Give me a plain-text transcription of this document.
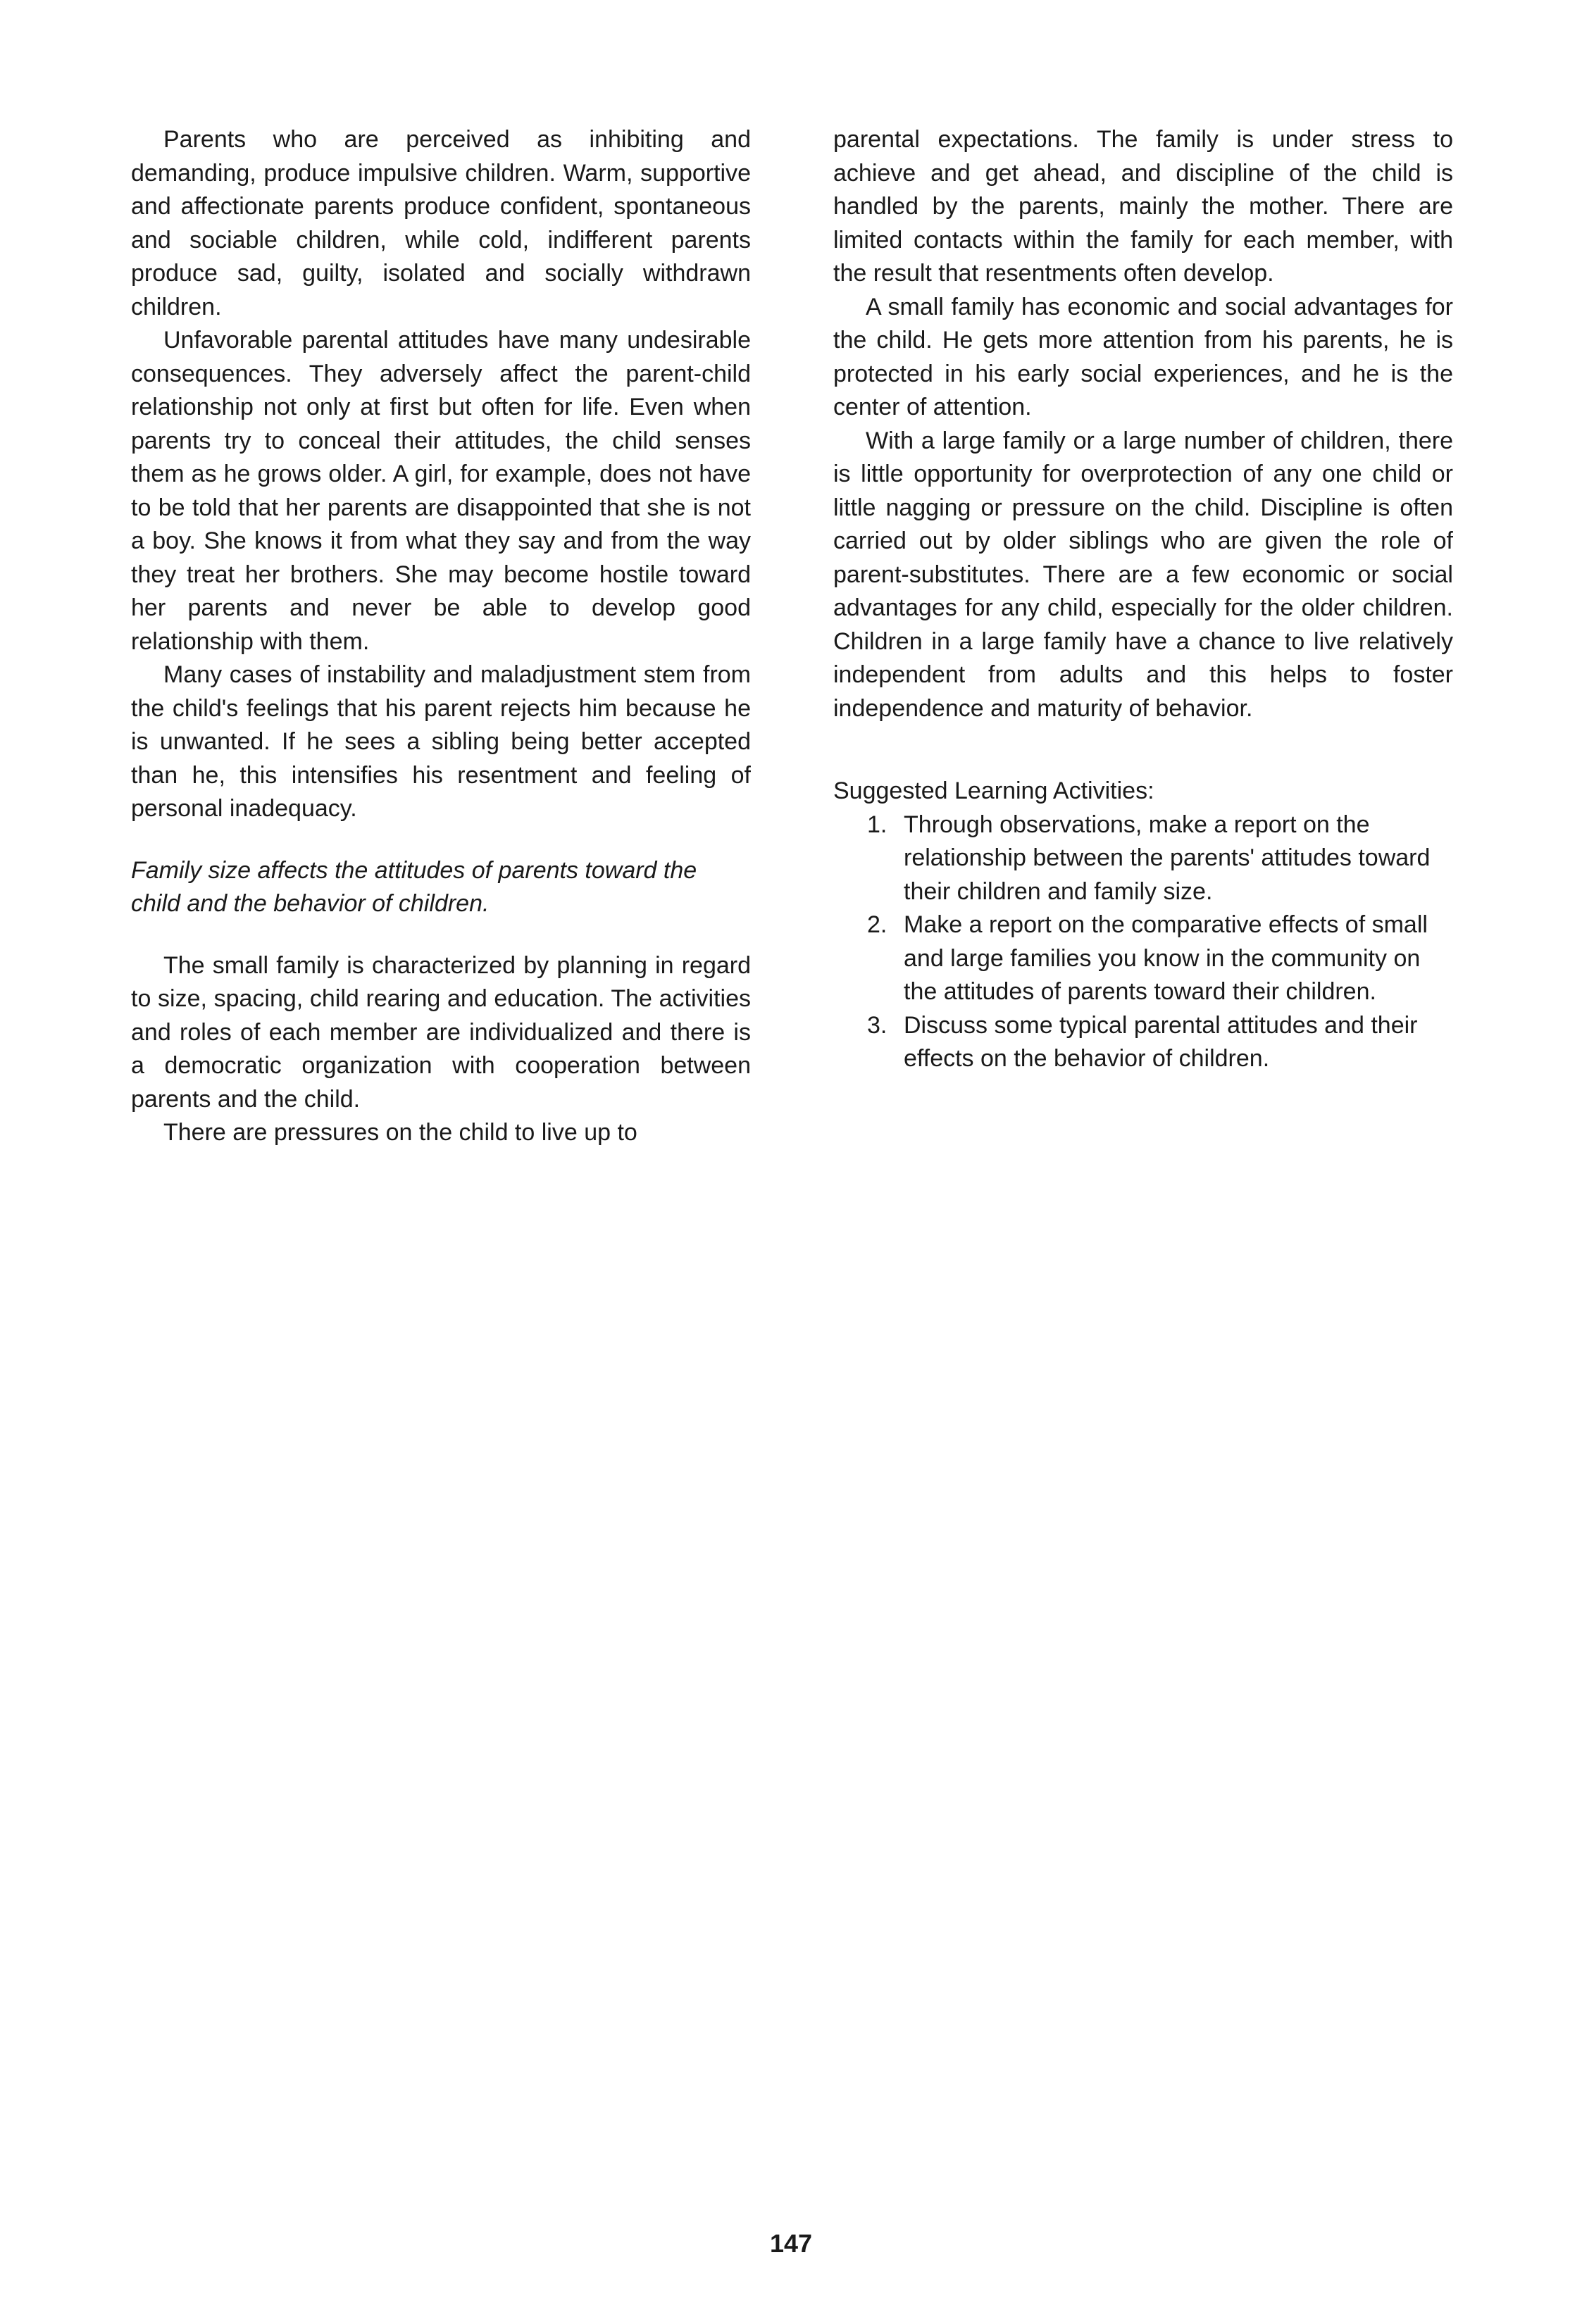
Parents who are perceived as inhibiting and demanding, produce impulsive children. Warm, supportive and affectionate parents produce confident, spontaneous and sociable children, while cold, indifferent parents produce sad, guilty, isolated and socially withdrawn children.

Unfavorable parental attitudes have many undesirable consequences. They adversely affect the parent-child relationship not only at first but often for life. Even when parents try to conceal their attitudes, the child senses them as he grows older. A girl, for example, does not have to be told that her parents are disappointed that she is not a boy. She knows it from what they say and from the way they treat her brothers. She may become hostile toward her parents and never be able to develop good relationship with them.

Many cases of instability and maladjustment stem from the child's feelings that his parent rejects him because he is unwanted. If he sees a sibling being better accepted than he, this intensifies his resentment and feeling of personal inadequacy.

Family size affects the attitudes of parents toward the child and the behavior of children.

The small family is characterized by planning in regard to size, spacing, child rearing and education. The activities and roles of each member are individualized and there is a democratic organization with cooperation between parents and the child.

There are pressures on the child to live up to

parental expectations. The family is under stress to achieve and get ahead, and discipline of the child is handled by the parents, mainly the mother. There are limited contacts within the family for each member, with the result that resentments often develop.

A small family has economic and social advantages for the child. He gets more attention from his parents, he is protected in his early social experiences, and he is the center of attention.

With a large family or a large number of children, there is little opportunity for overprotection of any one child or little nagging or pressure on the child. Discipline is often carried out by older siblings who are given the role of parent-substitutes. There are a few economic or social advantages for any child, especially for the older children. Children in a large family have a chance to live relatively independent from adults and this helps to foster independence and maturity of behavior.

Suggested Learning Activities:

1. Through observations, make a report on the relationship between the parents' attitudes toward their children and family size.
2. Make a report on the comparative effects of small and large families you know in the community on the attitudes of parents toward their children.
3. Discuss some typical parental attitudes and their effects on the behavior of children.
147
